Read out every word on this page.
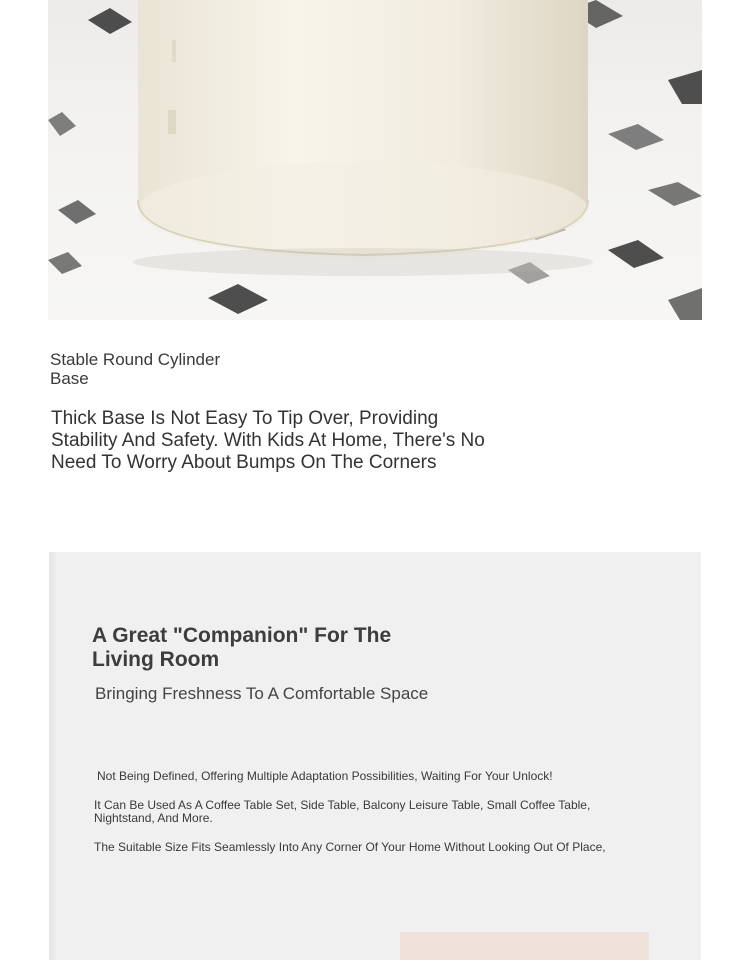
Stable Round Cylinder Base
Thick Base Is Not Easy To Tip Over, Providing Stability And Safety. With Kids At Home, There's No Need To Worry About Bumps On The Corners
A Great "Companion" For The Living Room
Bringing Freshness To A Comfortable Space
Not Being Defined, Offering Multiple Adaptation Possibilities, Waiting For Your Unlock!
It Can Be Used As A Coffee Table Set, Side Table, Balcony Leisure Table, Small Coffee Table, Nightstand, And More.
The Suitable Size Fits Seamlessly Into Any Corner Of Your Home Without Looking Out Of Place,
